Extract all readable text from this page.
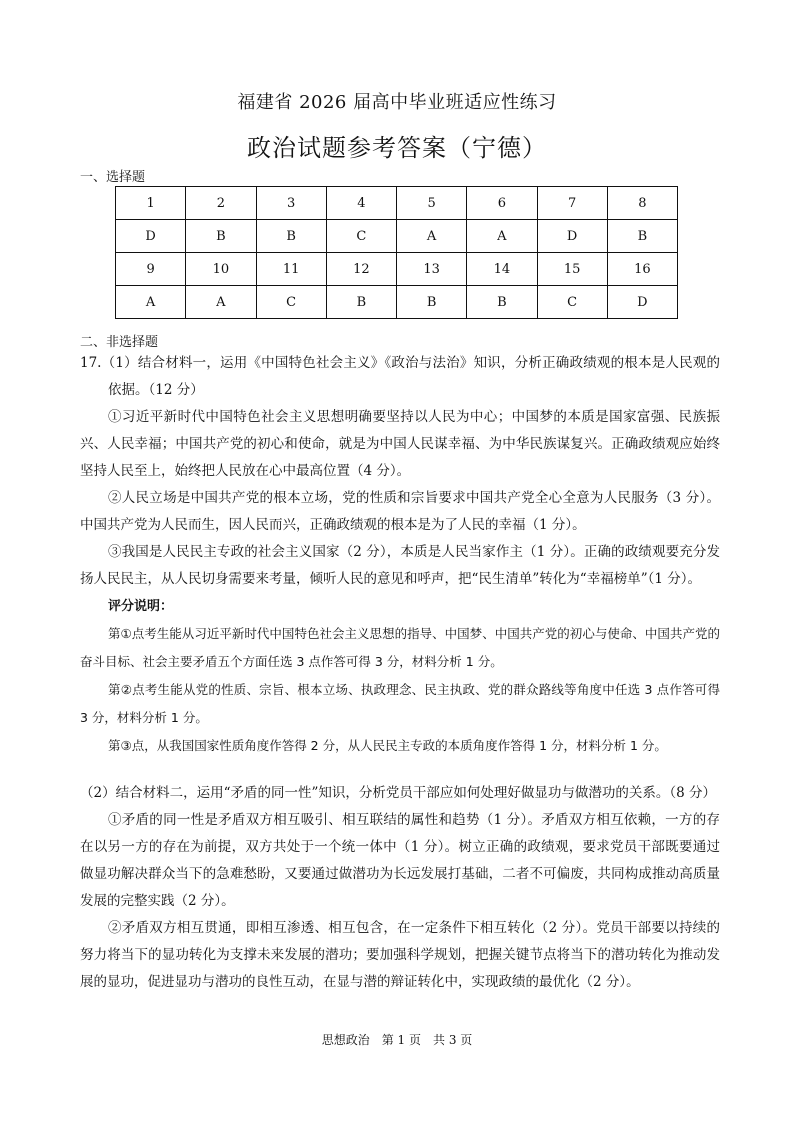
福建省 2026 届高中毕业班适应性练习
政治试题参考答案（宁德）
一、选择题
1	2	3	4	5	6	7	8
D	B	B	C	A	A	D	B
9	10	11	12	13	14	15	16
A	A	C	B	B	B	C	D
二、非选择题
17.（1）结合材料一，运用《中国特色社会主义》《政治与法治》知识，分析正确政绩观的根本是人民观的依据。（12 分）
①习近平新时代中国特色社会主义思想明确要坚持以人民为中心；中国梦的本质是国家富强、民族振兴、人民幸福；中国共产党的初心和使命，就是为中国人民谋幸福、为中华民族谋复兴。正确政绩观应始终坚持人民至上，始终把人民放在心中最高位置（4 分）。
②人民立场是中国共产党的根本立场，党的性质和宗旨要求中国共产党全心全意为人民服务（3 分）。中国共产党为人民而生，因人民而兴，正确政绩观的根本是为了人民的幸福（1 分）。
③我国是人民民主专政的社会主义国家（2 分），本质是人民当家作主（1 分）。正确的政绩观要充分发扬人民民主，从人民切身需要来考量，倾听人民的意见和呼声，把“民生清单”转化为“幸福榜单”（1 分）。
评分说明：
第①点考生能从习近平新时代中国特色社会主义思想的指导、中国梦、中国共产党的初心与使命、中国共产党的奋斗目标、社会主要矛盾五个方面任选 3 点作答可得 3 分，材料分析 1 分。
第②点考生能从党的性质、宗旨、根本立场、执政理念、民主执政、党的群众路线等角度中任选 3 点作答可得 3 分，材料分析 1 分。
第③点，从我国国家性质角度作答得 2 分，从人民民主专政的本质角度作答得 1 分，材料分析 1 分。
（2）结合材料二，运用“矛盾的同一性”知识，分析党员干部应如何处理好做显功与做潜功的关系。（8 分）
①矛盾的同一性是矛盾双方相互吸引、相互联结的属性和趋势（1 分）。矛盾双方相互依赖，一方的存在以另一方的存在为前提，双方共处于一个统一体中（1 分）。树立正确的政绩观，要求党员干部既要通过做显功解决群众当下的急难愁盼，又要通过做潜功为长远发展打基础，二者不可偏废，共同构成推动高质量发展的完整实践（2 分）。
②矛盾双方相互贯通，即相互渗透、相互包含，在一定条件下相互转化（2 分）。党员干部要以持续的努力将当下的显功转化为支撑未来发展的潜功；要加强科学规划，把握关键节点将当下的潜功转化为推动发展的显功，促进显功与潜功的良性互动，在显与潜的辩证转化中，实现政绩的最优化（2 分）。
思想政治　第 1 页　共 3 页
